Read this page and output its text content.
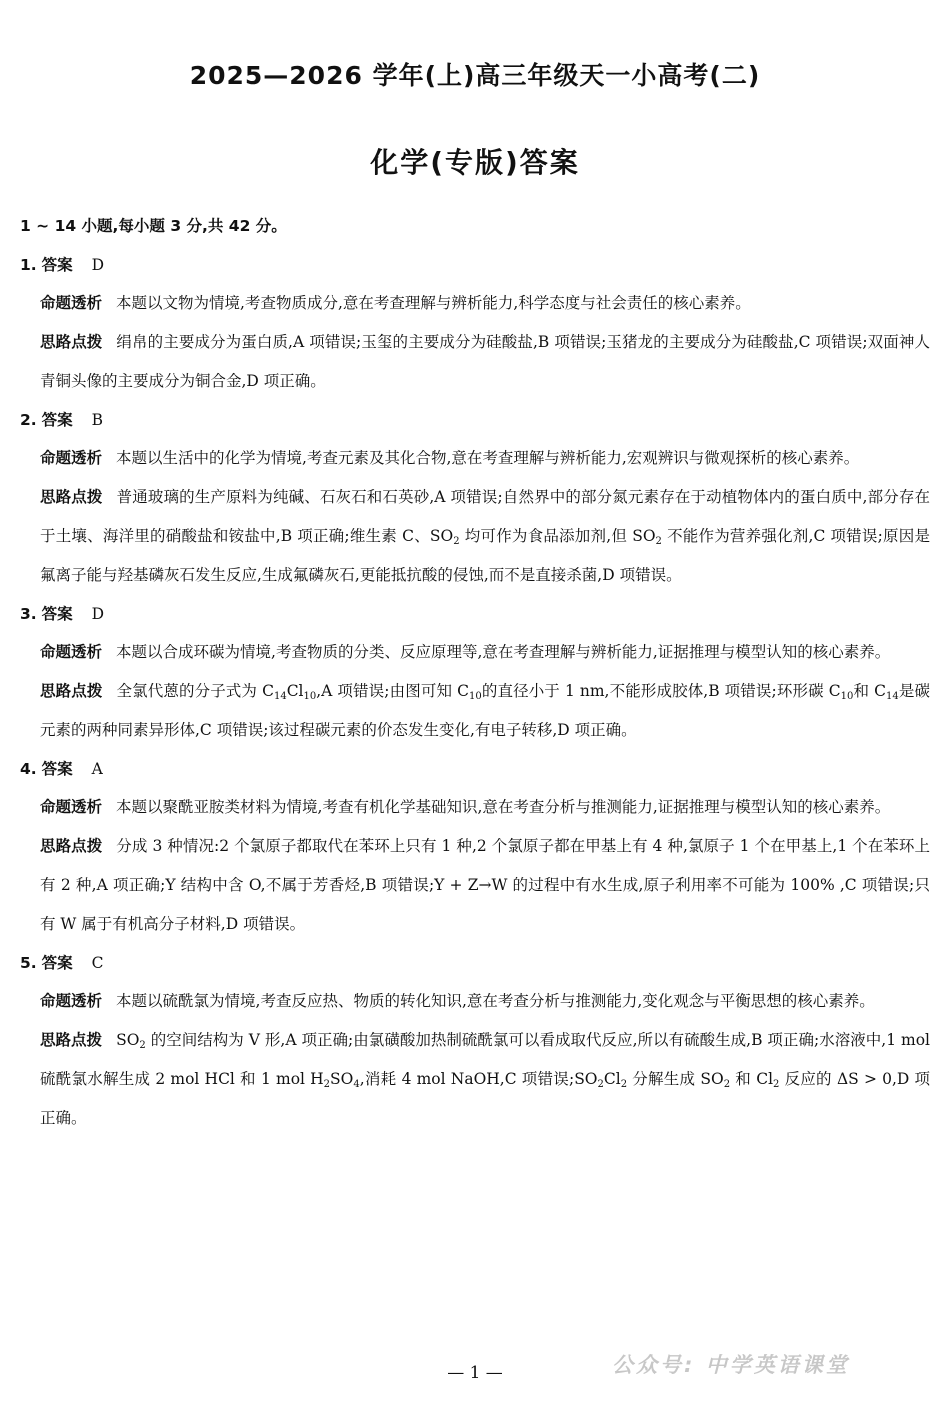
2025—2026 学年(上)高三年级天一小高考(二)
化学(专版)答案
1 ~ 14 小题,每小题 3 分,共 42 分。
1. 答案 D
命题透析 本题以文物为情境,考查物质成分,意在考查理解与辨析能力,科学态度与社会责任的核心素养。
思路点拨 绢帛的主要成分为蛋白质,A 项错误;玉玺的主要成分为硅酸盐,B 项错误;玉猪龙的主要成分为硅酸盐,C 项错误;双面神人青铜头像的主要成分为铜合金,D 项正确。
2. 答案 B
命题透析 本题以生活中的化学为情境,考查元素及其化合物,意在考查理解与辨析能力,宏观辨识与微观探析的核心素养。
思路点拨 普通玻璃的生产原料为纯碱、石灰石和石英砂,A 项错误;自然界中的部分氮元素存在于动植物体内的蛋白质中,部分存在于土壤、海洋里的硝酸盐和铵盐中,B 项正确;维生素 C、$SO_2$ 均可作为食品添加剂,但 $SO_2$ 不能作为营养强化剂,C 项错误;原因是氟离子能与羟基磷灰石发生反应,生成氟磷灰石,更能抵抗酸的侵蚀,而不是直接杀菌,D 项错误。
3. 答案 D
命题透析 本题以合成环碳为情境,考查物质的分类、反应原理等,意在考查理解与辨析能力,证据推理与模型认知的核心素养。
思路点拨 全氯代蒽的分子式为 $C_{14}Cl_{10},A$ 项错误;由图可知 $C_{10}$的直径小于 1 nm,不能形成胶体,B 项错误;环形碳 $C_{10}$和 $C_{14}$是碳元素的两种同素异形体,C 项错误;该过程碳元素的价态发生变化,有电子转移,D 项正确。
4. 答案 A
命题透析 本题以聚酰亚胺类材料为情境,考查有机化学基础知识,意在考查分析与推测能力,证据推理与模型认知的核心素养。
思路点拨 分成 3 种情况:2 个氯原子都取代在苯环上只有 1 种,2 个氯原子都在甲基上有 4 种,氯原子 1 个在甲基上,1 个在苯环上有 2 种,A 项正确;Y 结构中含 O,不属于芳香烃,B 项错误;Y + Z→W 的过程中有水生成,原子利用率不可能为 100% ,C 项错误;只有 W 属于有机高分子材料,D 项错误。
5. 答案 C
命题透析 本题以硫酰氯为情境,考查反应热、物质的转化知识,意在考查分析与推测能力,变化观念与平衡思想的核心素养。
思路点拨 $SO_2$ 的空间结构为 V 形,A 项正确;由氯磺酸加热制硫酰氯可以看成取代反应,所以有硫酸生成,B 项正确;水溶液中,1 mol 硫酰氯水解生成 2 mol HCl 和 1 mol $H_2SO_4$,消耗 4 mol NaOH,C 项错误$;SO_2Cl_2$ 分解生成 $SO_2$ 和 $Cl_2$ 反应的 ΔS > 0,D 项正确。
公众号: 中学英语课堂
— 1 —
